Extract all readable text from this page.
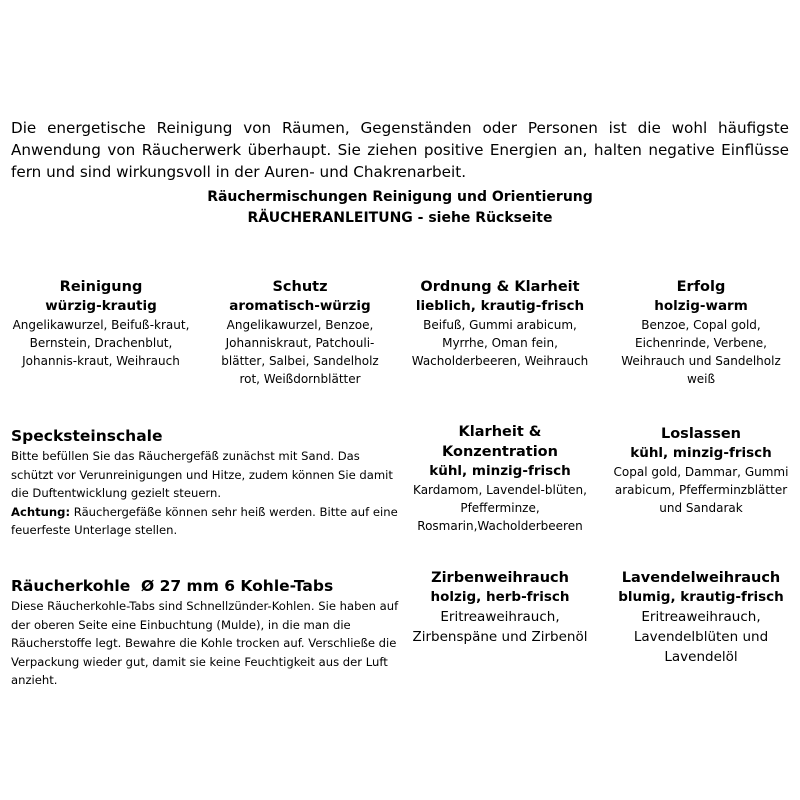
Die energetische Reinigung von Räumen, Gegenständen oder Personen ist die wohl häufigste Anwendung von Räucherwerk überhaupt. Sie ziehen positive Energien an, halten negative Einflüsse fern und sind wirkungsvoll in der Auren- und Chakrenarbeit.

Räuchermischungen Reinigung und Orientierung
RÄUCHERANLEITUNG - siehe Rückseite
Reinigung
würzig-krautig
Angelikawurzel, Beifuß-kraut, Bernstein, Drachenblut, Johannis-kraut, Weihrauch
Schutz
aromatisch-würzig
Angelikawurzel, Benzoe, Johanniskraut, Patchouli-blätter, Salbei, Sandelholz rot, Weißdornblätter
Ordnung & Klarheit
lieblich, krautig-frisch
Beifuß, Gummi arabicum, Myrrhe, Oman fein, Wacholderbeeren, Weihrauch
Erfolg
holzig-warm
Benzoe, Copal gold, Eichenrinde, Verbene, Weihrauch und Sandelholz weiß
Specksteinschale
Bitte befüllen Sie das Räuchergefäß zunächst mit Sand. Das schützt vor Verunreinigungen und Hitze, zudem können Sie damit die Duftentwicklung gezielt steuern.
Achtung: Räuchergefäße können sehr heiß werden. Bitte auf eine feuerfeste Unterlage stellen.
Klarheit & Konzentration
kühl, minzig-frisch
Kardamom, Lavendel-blüten, Pfefferminze, Rosmarin,Wacholderbeeren
Loslassen
kühl, minzig-frisch
Copal gold, Dammar, Gummi arabicum, Pfefferminzblätter und Sandarak
Räucherkohle  Ø 27 mm 6 Kohle-Tabs
Diese Räucherkohle-Tabs sind Schnellzünder-Kohlen. Sie haben auf der oberen Seite eine Einbuchtung (Mulde), in die man die Räucherstoffe legt. Bewahre die Kohle trocken auf. Verschließe die Verpackung wieder gut, damit sie keine Feuchtigkeit aus der Luft anzieht.
Zirbenweihrauch
holzig, herb-frisch
Eritreaweihrauch, Zirbenspäne und Zirbenöl
Lavendelweihrauch
blumig, krautig-frisch
Eritreaweihrauch, Lavendelblüten und Lavendelöl
